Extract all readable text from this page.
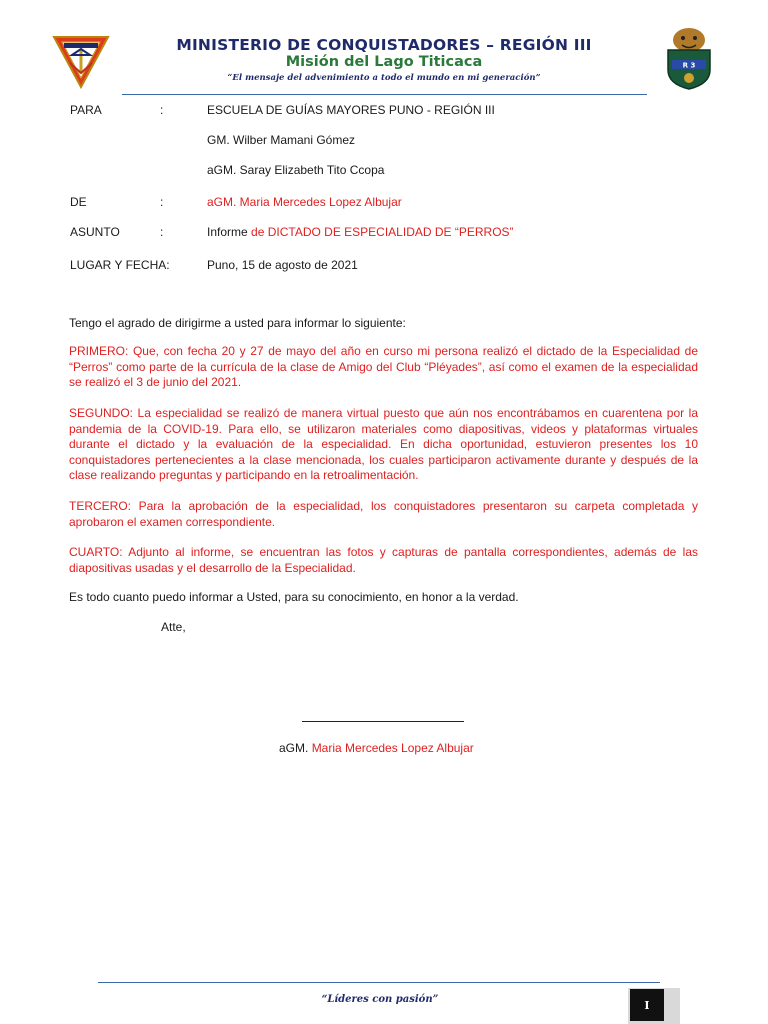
MINISTERIO DE CONQUISTADORES – REGIÓN III
Misión del Lago Titicaca
“El mensaje del advenimiento a todo el mundo en mi generación”
R 3
PARA	:	ESCUELA DE GUÍAS MAYORES PUNO - REGIÓN III
GM. Wilber Mamani Gómez
aGM. Saray Elizabeth Tito Ccopa
DE	:	aGM. Maria Mercedes Lopez Albujar
ASUNTO	:	Informe de DICTADO DE ESPECIALIDAD DE “PERROS”
LUGAR Y FECHA:	Puno, 15 de agosto de 2021
Tengo el agrado de dirigirme a usted para informar lo siguiente:
PRIMERO: Que, con fecha 20 y 27 de mayo del año en curso mi persona realizó el dictado de la Especialidad de “Perros” como parte de la currícula de la clase de Amigo del Club “Pléyades”, así como el examen de la especialidad se realizó el 3 de junio del 2021.
SEGUNDO: La especialidad se realizó de manera virtual puesto que aún nos encontrábamos en cuarentena por la pandemia de la COVID-19. Para ello, se utilizaron materiales como diapositivas, videos y plataformas virtuales durante el dictado y la evaluación de la especialidad. En dicha oportunidad, estuvieron presentes los 10 conquistadores pertenecientes a la clase mencionada, los cuales participaron activamente durante y después de la clase realizando preguntas y participando en la retroalimentación.
TERCERO: Para la aprobación de la especialidad, los conquistadores presentaron su carpeta completada y aprobaron el examen correspondiente.
CUARTO: Adjunto al informe, se encuentran las fotos y capturas de pantalla correspondientes, además de las diapositivas usadas y el desarrollo de la Especialidad.
Es todo cuanto puedo informar a Usted, para su conocimiento, en honor a la verdad.
Atte,
aGM. Maria Mercedes Lopez Albujar
“Líderes con pasión”	I
